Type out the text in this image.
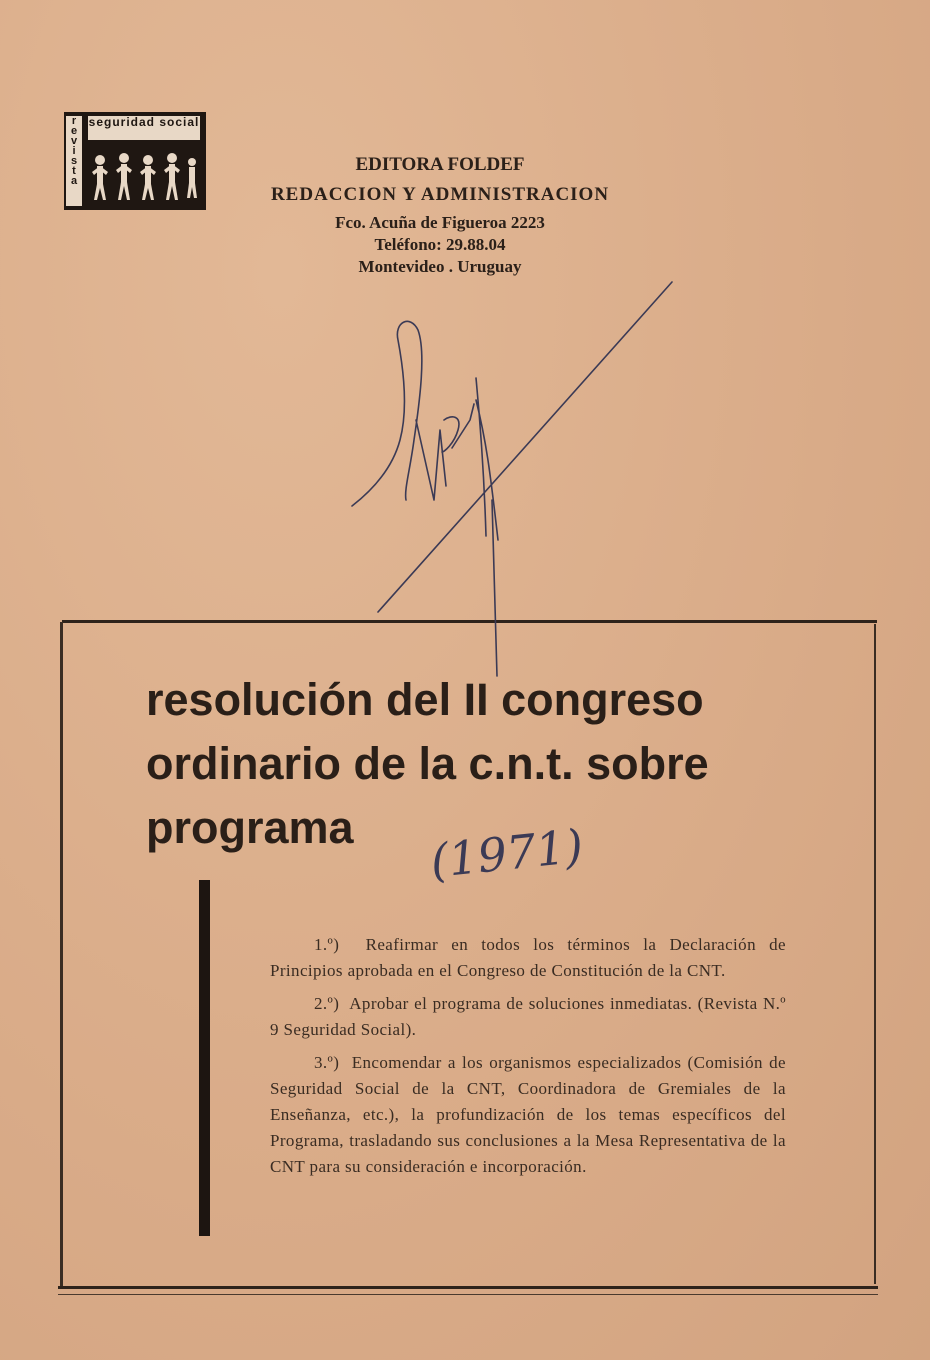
revista
seguridad social
EDITORA FOLDEF
REDACCION Y ADMINISTRACION
Fco. Acuña de Figueroa 2223
Teléfono: 29.88.04
Montevideo . Uruguay
resolución del II congreso
ordinario de la c.n.t. sobre
programa

1.º) Reafirmar en todos los términos la Declaración de Principios aprobada en el Congreso de Constitución de la CNT.

2.º) Aprobar el programa de soluciones inmediatas. (Revista N.º 9 Seguridad Social).

3.º) Encomendar a los organismos especializados (Comisión de Seguridad Social de la CNT, Coordinadora de Gremiales de la Enseñanza, etc.), la profundización de los temas específicos del Programa, trasladando sus conclusiones a la Mesa Representativa de la CNT para su consideración e incorporación.

(1971)
